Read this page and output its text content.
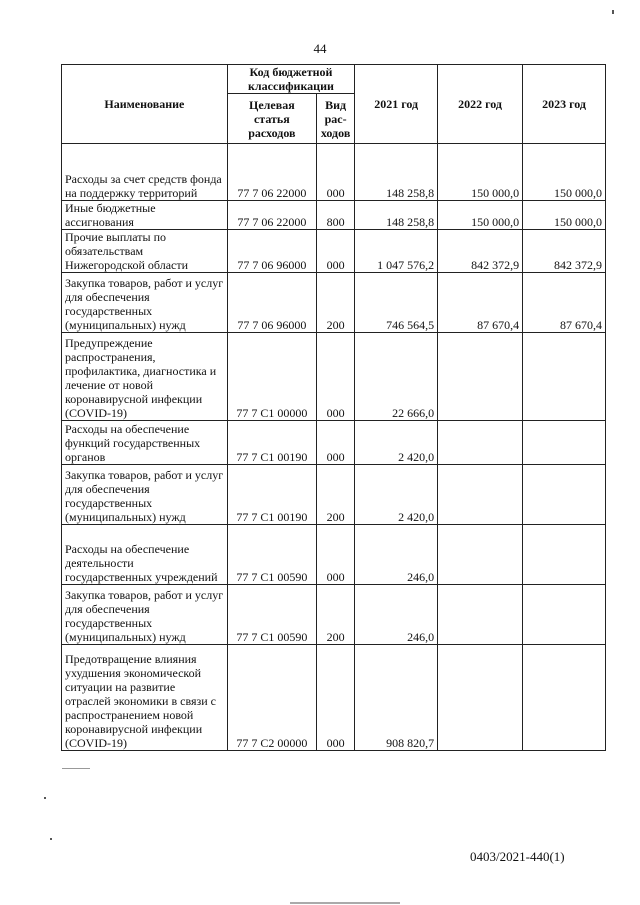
44
Наименование	Код бюджетной классификации		2021 год	2022 год	2023 год
	Целевая статья расходов	Вид рас-ходов			
Расходы за счет средств фонда на поддержку территорий	77 7 06 22000	000	148 258,8	150 000,0	150 000,0
Иные бюджетные ассигнования	77 7 06 22000	800	148 258,8	150 000,0	150 000,0
Прочие выплаты по обязательствам Нижегородской области	77 7 06 96000	000	1 047 576,2	842 372,9	842 372,9
Закупка товаров, работ и услуг для обеспечения государственных (муниципальных) нужд	77 7 06 96000	200	746 564,5	87 670,4	87 670,4
Предупреждение распространения, профилактика, диагностика и лечение от новой коронавирусной инфекции (COVID-19)	77 7 C1 00000	000	22 666,0		
Расходы на обеспечение функций государственных органов	77 7 C1 00190	000	2 420,0		
Закупка товаров, работ и услуг для обеспечения государственных (муниципальных) нужд	77 7 C1 00190	200	2 420,0		
Расходы на обеспечение деятельности государственных учреждений	77 7 C1 00590	000	246,0		
Закупка товаров, работ и услуг для обеспечения государственных (муниципальных) нужд	77 7 C1 00590	200	246,0		
Предотвращение влияния ухудшения экономической ситуации на развитие отраслей экономики в связи с распространением новой коронавирусной инфекции (COVID-19)	77 7 C2 00000	000	908 820,7		
0403/2021-440(1)
